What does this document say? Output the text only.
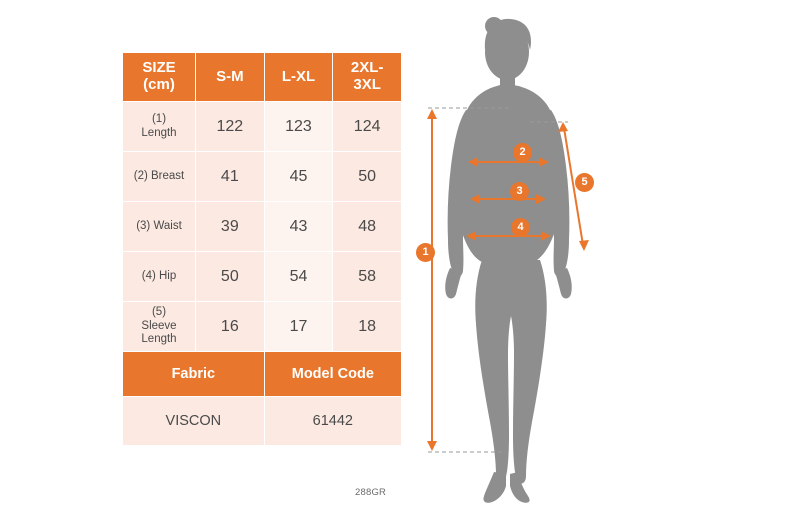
SIZE
(cm)	S-M	L-XL	2XL-
3XL

(1)
Length	122	123	124
(2) Breast	41	45	50
(3) Waist	39	43	48
(4) Hip	50	54	58

(5)
Sleeve Length	16	17	18
Fabric		Model Code	
VISCON		61442	
288GR
1
2
3
4
5
